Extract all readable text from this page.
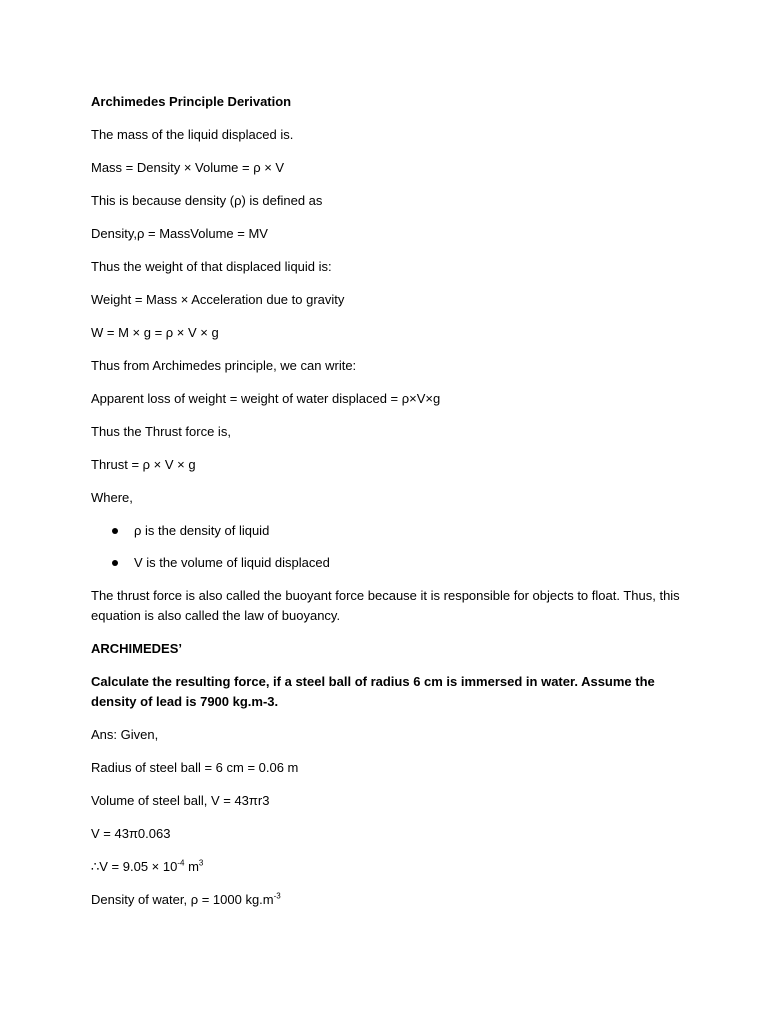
Archimedes Principle Derivation
The mass of the liquid displaced is.
Mass = Density × Volume = ρ × V
This is because density (ρ) is defined as
Density,ρ = MassVolume = MV
Thus the weight of that displaced liquid is:
Weight = Mass × Acceleration due to gravity
W = M × g = ρ × V × g
Thus from Archimedes principle, we can write:
Apparent loss of weight = weight of water displaced = ρ×V×g
Thus the Thrust force is,
Thrust = ρ × V × g
Where,
ρ is the density of liquid
V is the volume of liquid displaced
The thrust force is also called the buoyant force because it is responsible for objects to float. Thus, this equation is also called the law of buoyancy.
ARCHIMEDES’
Calculate the resulting force, if a steel ball of radius 6 cm is immersed in water. Assume the density of lead is 7900 kg.m-3.
Ans: Given,
Radius of steel ball = 6 cm = 0.06 m
Volume of steel ball, V = 43πr3
V = 43π0.063
∴V = $9.05 \times 10^{-4}$ $m^3$
Density of water, ρ = 1000 $kg.m^{-3}$
